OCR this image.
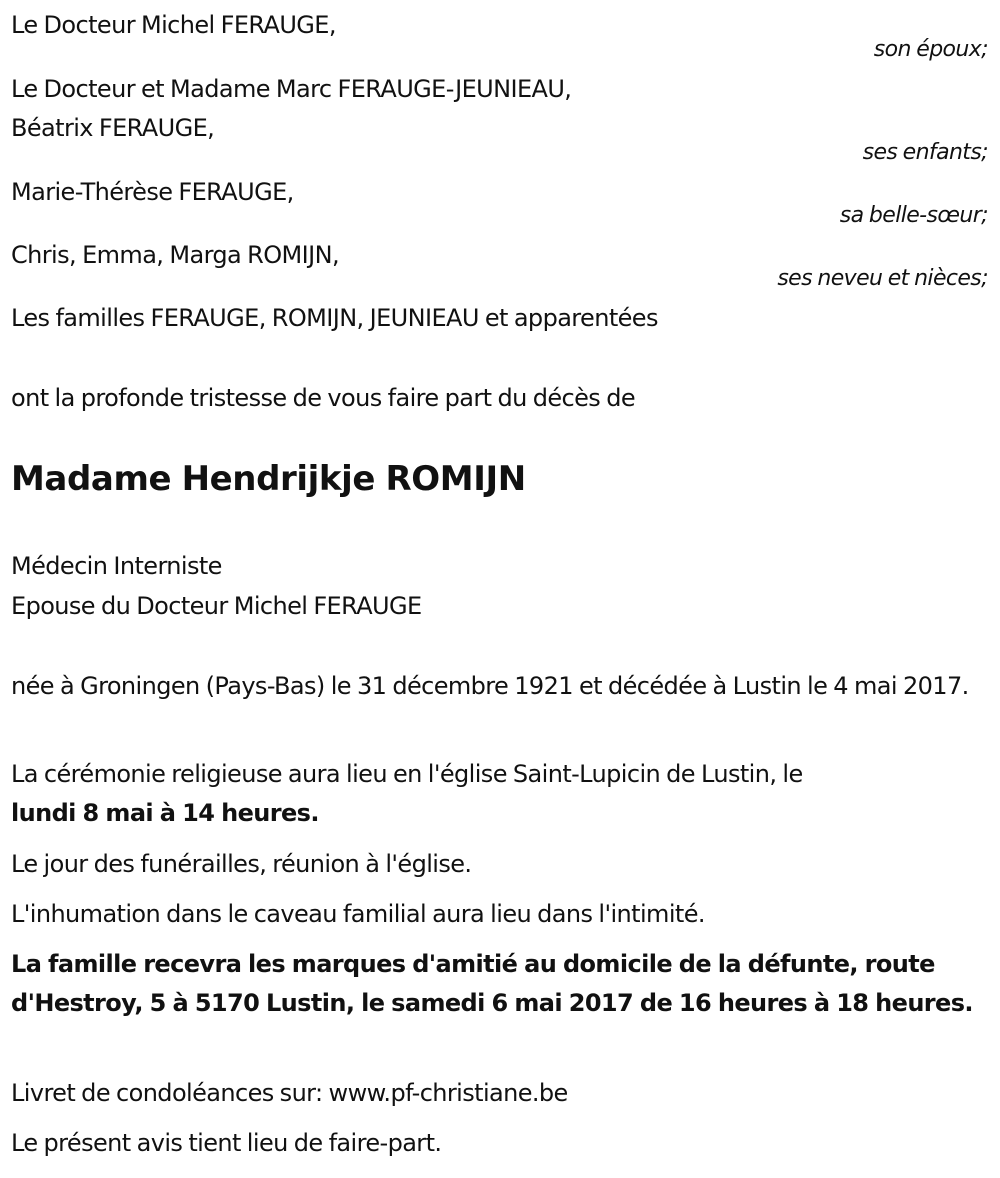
Le Docteur Michel FERAUGE,
son époux;
Le Docteur et Madame Marc FERAUGE-JEUNIEAU,
Béatrix FERAUGE,
ses enfants;
Marie-Thérèse FERAUGE,
sa belle-sœur;
Chris, Emma, Marga ROMIJN,
ses neveu et nièces;
Les familles FERAUGE, ROMIJN, JEUNIEAU et apparentées
ont la profonde tristesse de vous faire part du décès de
Madame Hendrijkje ROMIJN
Médecin Interniste
Epouse du Docteur Michel FERAUGE
née à Groningen (Pays-Bas) le 31 décembre 1921 et décédée à Lustin le 4 mai 2017.
La cérémonie religieuse aura lieu en l'église Saint-Lupicin de Lustin, le
lundi 8 mai à 14 heures.
Le jour des funérailles, réunion à l'église.
L'inhumation dans le caveau familial aura lieu dans l'intimité.
La famille recevra les marques d'amitié au domicile de la défunte, route d'Hestroy, 5 à 5170 Lustin, le samedi 6 mai 2017 de 16 heures à 18 heures.
Livret de condoléances sur: www.pf-christiane.be
Le présent avis tient lieu de faire-part.
